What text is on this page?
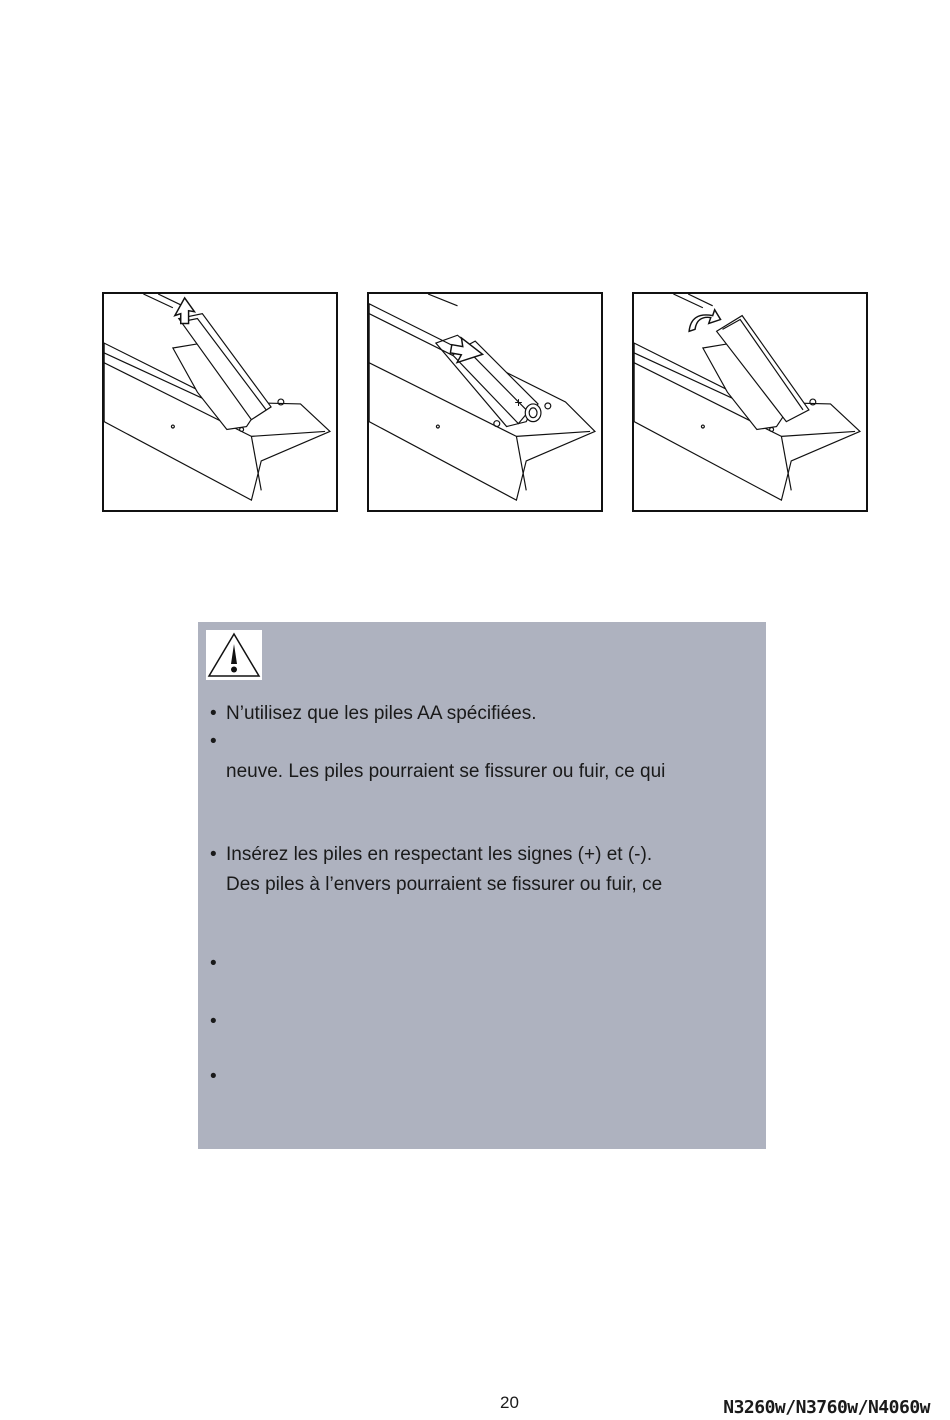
+
• N’utilisez que les piles AA spécifiées.
•
neuve. Les piles pourraient se fissurer ou fuir, ce qui
• Insérez les piles en respectant les signes (+) et (-).
Des piles à l’envers pourraient se fissurer ou fuir, ce
•
•
•
20	N3260w/N3760w/N4060w
